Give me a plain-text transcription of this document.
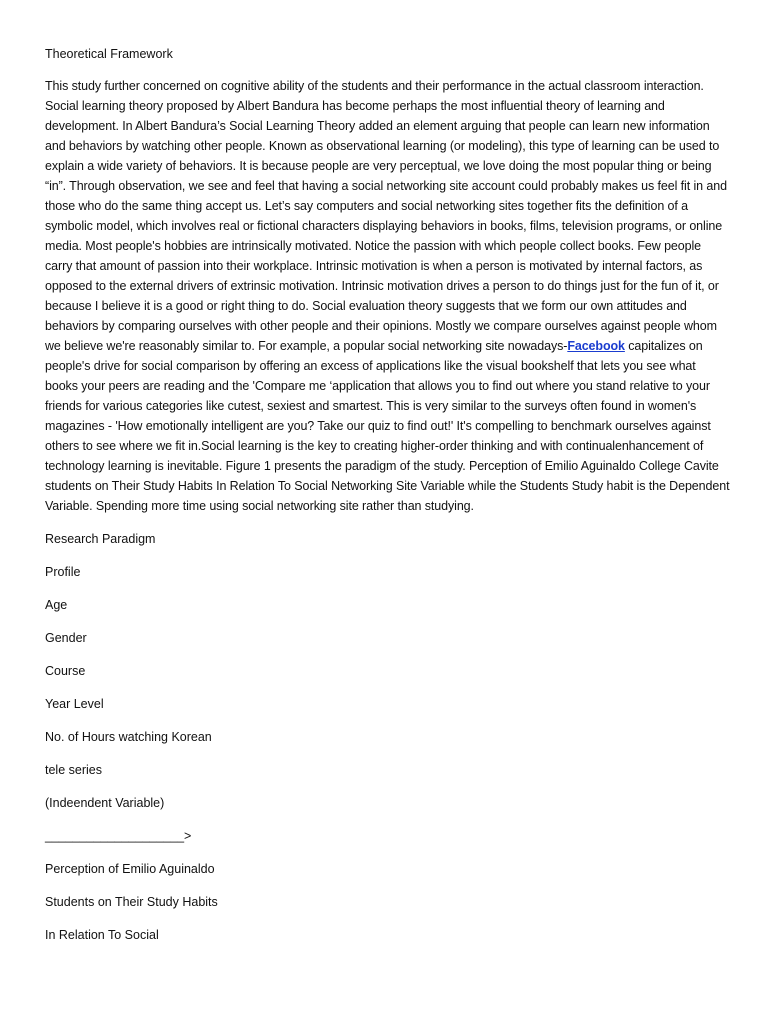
Theoretical Framework

This study further concerned on cognitive ability of the students and their performance in the actual classroom interaction. Social learning theory proposed by Albert Bandura has become perhaps the most influential theory of learning and development. In Albert Bandura’s Social Learning Theory added an element arguing that people can learn new information and behaviors by watching other people. Known as observational learning (or modeling), this type of learning can be used to explain a wide variety of behaviors. It is because people are very perceptual, we love doing the most popular thing or being “in”. Through observation, we see and feel that having a social networking site account could probably makes us feel fit in and those who do the same thing accept us. Let’s say computers and social networking sites together fits the definition of a symbolic model, which involves real or fictional characters displaying behaviors in books, films, television programs, or online media. Most people's hobbies are intrinsically motivated. Notice the passion with which people collect books. Few people carry that amount of passion into their workplace. Intrinsic motivation is when a person is motivated by internal factors, as opposed to the external drivers of extrinsic motivation. Intrinsic motivation drives a person to do things just for the fun of it, or because I believe it is a good or right thing to do. Social evaluation theory suggests that we form our own attitudes and behaviors by comparing ourselves with other people and their opinions. Mostly we compare ourselves against people whom we believe we're reasonably similar to. For example, a popular social networking site nowadays-Facebook capitalizes on people's drive for social comparison by offering an excess of applications like the visual bookshelf that lets you see what books your peers are reading and the 'Compare me ‘application that allows you to find out where you stand relative to your friends for various categories like cutest, sexiest and smartest. This is very similar to the surveys often found in women's magazines - 'How emotionally intelligent are you? Take our quiz to find out!' It's compelling to benchmark ourselves against others to see where we fit in.Social learning is the key to creating higher-order thinking and with continualenhancement of technology learning is inevitable. Figure 1 presents the paradigm of the study. Perception of Emilio Aguinaldo College Cavite students on Their Study Habits In Relation To Social Networking Site Variable while the Students Study habit is the Dependent Variable. Spending more time using social networking site rather than studying.

Research Paradigm
Profile
Age
Gender
Course
Year Level
No. of Hours watching Korean
tele series
(Indeendent Variable)
____________________>
Perception of Emilio Aguinaldo
Students on Their Study Habits
In Relation To Social
